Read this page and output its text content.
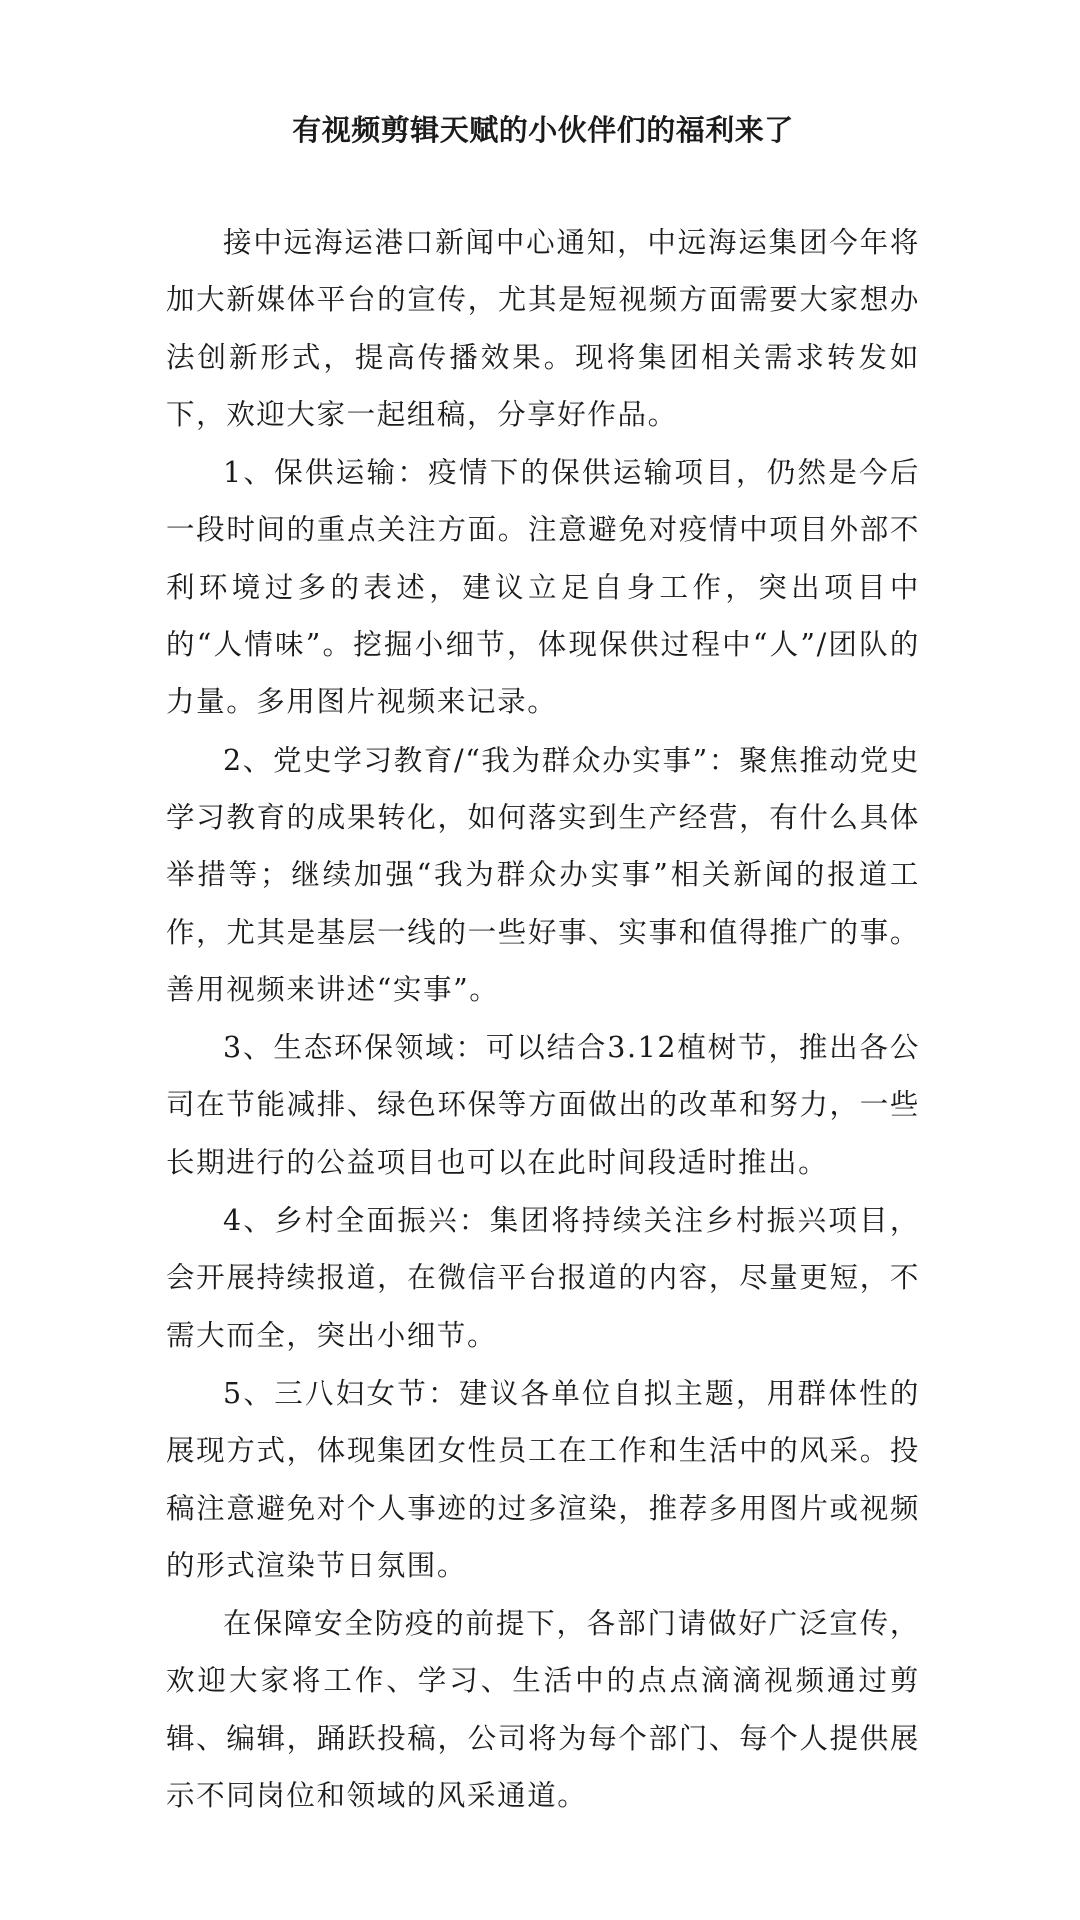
有视频剪辑天赋的小伙伴们的福利来了

接中远海运港口新闻中心通知，中远海运集团今年将加大新媒体平台的宣传，尤其是短视频方面需要大家想办法创新形式，提高传播效果。现将集团相关需求转发如下，欢迎大家一起组稿，分享好作品。

1、保供运输：疫情下的保供运输项目，仍然是今后一段时间的重点关注方面。注意避免对疫情中项目外部不利环境过多的表述，建议立足自身工作，突出项目中的“人情味”。挖掘小细节，体现保供过程中“人”/团队的力量。多用图片视频来记录。

2、党史学习教育/“我为群众办实事”：聚焦推动党史学习教育的成果转化，如何落实到生产经营，有什么具体举措等；继续加强“我为群众办实事”相关新闻的报道工作，尤其是基层一线的一些好事、实事和值得推广的事。善用视频来讲述“实事”。

3、生态环保领域：可以结合3.12植树节，推出各公司在节能减排、绿色环保等方面做出的改革和努力，一些长期进行的公益项目也可以在此时间段适时推出。

4、乡村全面振兴：集团将持续关注乡村振兴项目，会开展持续报道，在微信平台报道的内容，尽量更短，不需大而全，突出小细节。

5、三八妇女节：建议各单位自拟主题，用群体性的展现方式，体现集团女性员工在工作和生活中的风采。投稿注意避免对个人事迹的过多渲染，推荐多用图片或视频的形式渲染节日氛围。

在保障安全防疫的前提下，各部门请做好广泛宣传，欢迎大家将工作、学习、生活中的点点滴滴视频通过剪辑、编辑，踊跃投稿，公司将为每个部门、每个人提供展示不同岗位和领域的风采通道。
